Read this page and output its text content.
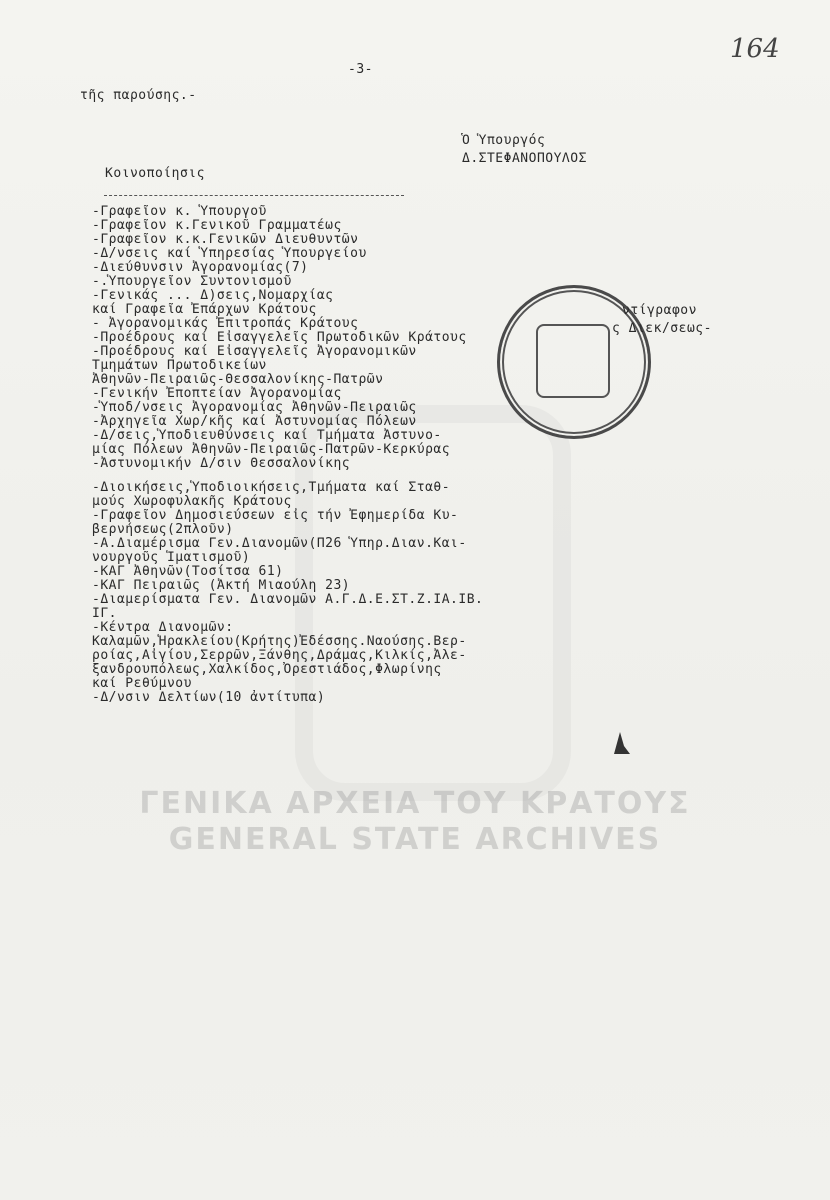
164
-3-
τῆς παρούσης.-
Ὁ Ὑπουργός
Δ.ΣΤΕΦΑΝΟΠΟΥΛΟΣ
Κοινοποίησις
-Γραφεῖον κ. Ὑπουργοῦ
-Γραφεῖον κ.Γενικοῦ Γραμματέως
-Γραφεῖον κ.κ.Γενικῶν Διευθυντῶν
-Δ/νσεις καί Ὑπηρεσίας Ὑπουργείου
-Διεύθυνσιν Ἀγορανομίας(7)
-.Ὑπουργεῖον Συντονισμοῦ
-Γενικάς ... Δ)σεις,Νομαρχίας
καί Γραφεῖα Ἐπάρχων Κράτους
- Ἀγορανομικάς Ἐπιτροπάς Κράτους
-Προέδρους καί Εἰσαγγελεῖς Πρωτοδικῶν Κράτους
-Προέδρους καί Εἰσαγγελεῖς Ἀγορανομικῶν
Τμημάτων Πρωτοδικείων
Ἀθηνῶν-Πειραιῶς-Θεσσαλονίκης-Πατρῶν
-Γενικήν Ἐποπτείαν Ἀγορανομίας
-Ὑποδ/νσεις Ἀγορανομίας Ἀθηνῶν-Πειραιῶς
-Ἀρχηγεῖα Χωρ/κῆς καί Ἀστυνομίας Πόλεων
-Δ/σεις,Ὑποδιευθύνσεις καί Τμήματα Ἀστυνο-
μίας Πόλεων Ἀθηνῶν-Πειραιῶς-Πατρῶν-Κερκύρας
-Ἀστυνομικήν Δ/σιν Θεσσαλονίκης
-Διοικήσεις,Ὑποδιοικήσεις,Τμήματα καί Σταθ-
μούς Χωροφυλακῆς Κράτους
-Γραφεῖον Δημοσιεύσεων εἰς τήν Ἐφημερίδα Κυ-
βερνήσεως(2πλοῦν)
-Α.Διαμέρισμα Γεν.Διανομῶν(Π26 Ὑπηρ.Διαν.Και-
νουργοῦς Ἱματισμοῦ)
-ΚΑΓ Ἀθηνῶν(Τοσίτσα 61)
-ΚΑΓ Πειραιῶς (Ἀκτή Μιαούλη 23)
-Διαμερίσματα Γεν. Διανομῶν Α.Γ.Δ.Ε.ΣΤ.Ζ.ΙΑ.ΙΒ.
ΙΓ.
-Κέντρα Διανομῶν:
Καλαμῶν,Ἡρακλείου(Κρήτης)Ἐδέσσης.Ναούσης.Βερ-
ροίας,Αἰγίου,Σερρῶν,Ξάνθης,Δράμας,Κιλκίς,Ἀλε-
ξανδρουπόλεως,Χαλκίδος,Ὀρεστιάδος,Φλωρίνης
καί Ρεθύμνου
-Δ/νσιν Δελτίων(10 ἀντίτυπα)
ντίγραφον
ς Διεκ/σεως-
ΓΕΝΙΚΑ ΑΡΧΕΙΑ ΤΟΥ ΚΡΑΤΟΥΣ
GENERAL STATE ARCHIVES
